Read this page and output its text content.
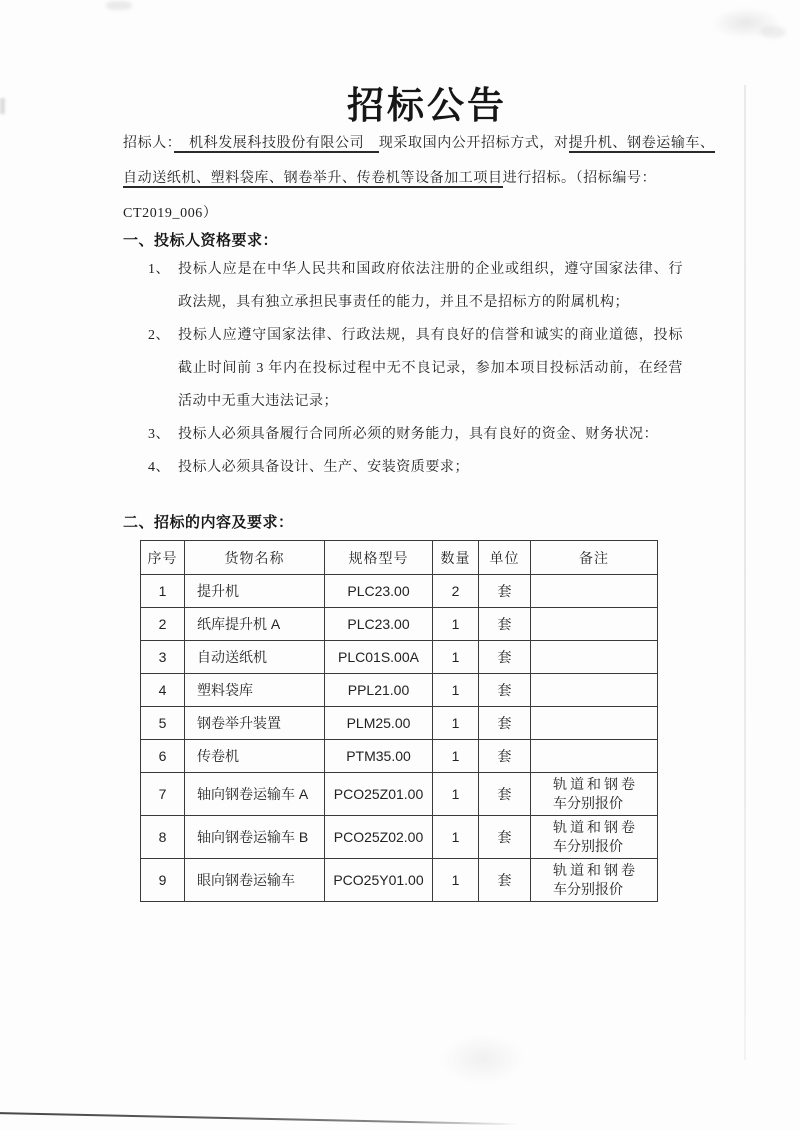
招标公告
招标人：　机科发展科技股份有限公司　现采取国内公开招标方式，对提升机、钢卷运输车、
自动送纸机、塑料袋库、钢卷举升、传卷机等设备加工项目进行招标。（招标编号：
CT2019_006）
一、投标人资格要求：
1、 投标人应是在中华人民共和国政府依法注册的企业或组织，遵守国家法律、行政法规，具有独立承担民事责任的能力，并且不是招标方的附属机构；
2、 投标人应遵守国家法律、行政法规，具有良好的信誉和诚实的商业道德，投标截止时间前 3 年内在投标过程中无不良记录，参加本项目投标活动前，在经营活动中无重大违法记录；
3、 投标人必须具备履行合同所必须的财务能力，具有良好的资金、财务状况：
4、 投标人必须具备设计、生产、安装资质要求；
二、招标的内容及要求：
序号	货物名称	规格型号	数量	单位	备注
1	提升机	PLC23.00	2	套	
2	纸库提升机 A	PLC23.00	1	套	
3	自动送纸机	PLC01S.00A	1	套	
4	塑料袋库	PPL21.00	1	套	
5	钢卷举升装置	PLM25.00	1	套	
6	传卷机	PTM35.00	1	套	
7	轴向钢卷运输车 A	PCO25Z01.00	1	套	轨道和钢卷车分别报价
8	轴向钢卷运输车 B	PCO25Z02.00	1	套	轨道和钢卷车分别报价
9	眼向钢卷运输车	PCO25Y01.00	1	套	轨道和钢卷车分别报价
